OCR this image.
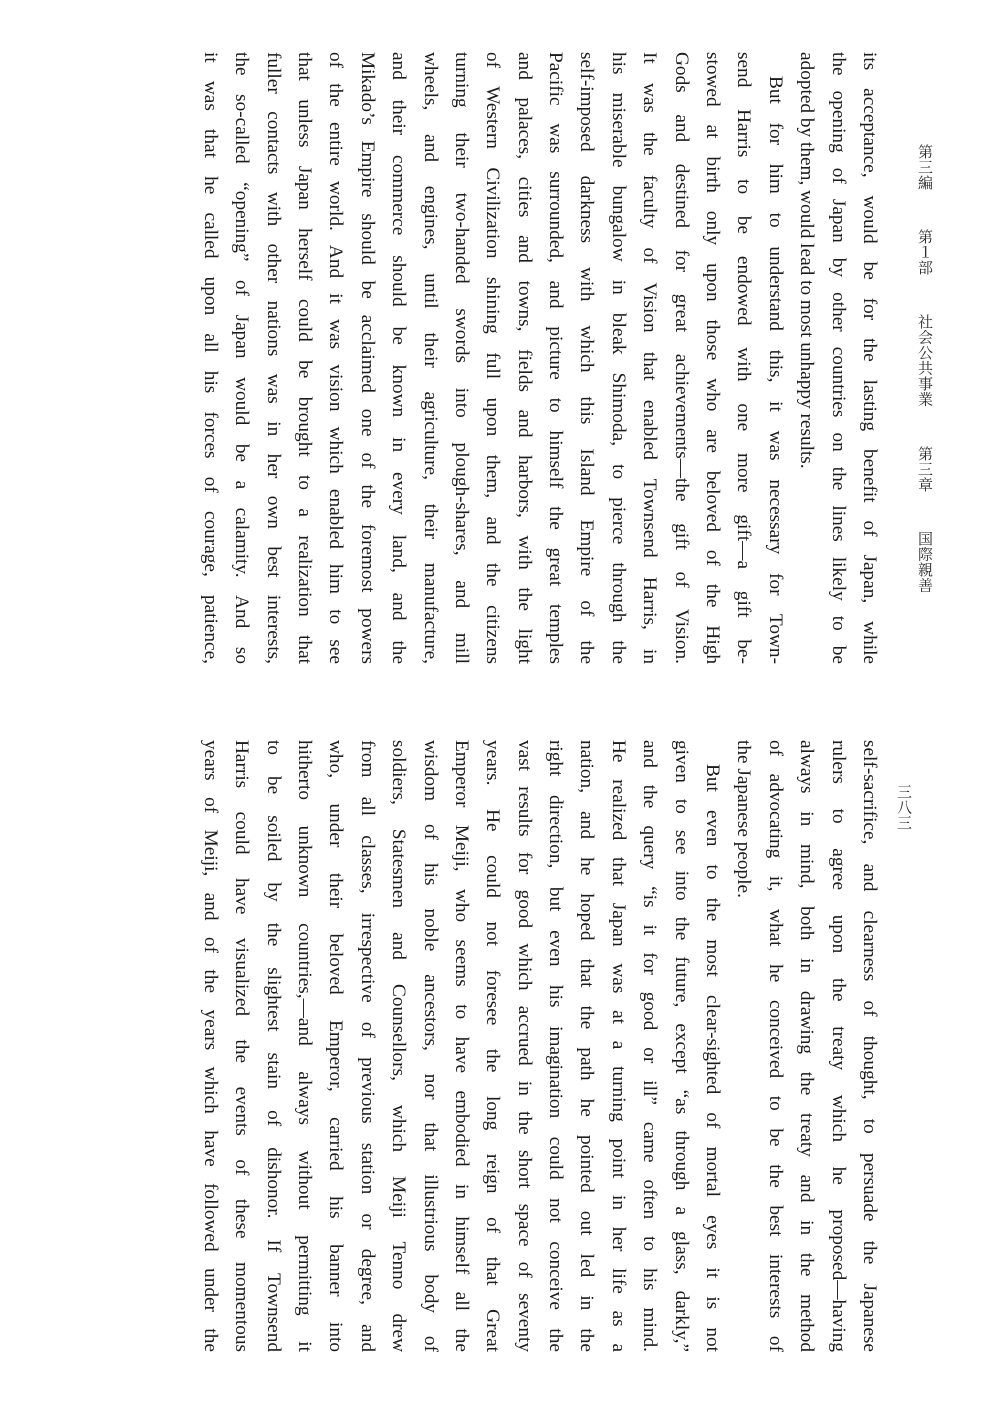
第三編 第１部 社会公共事業 第三章 国際親善 三八三
its acceptance, would be for the lasting benefit of Japan, while
the opening of Japan by other countries on the lines likely to be
adopted by them, would lead to most unhappy results.
But for him to understand this, it was necessary for Town-
send Harris to be endowed with one more gift—a gift be-
stowed at birth only upon those who are beloved of the High
Gods and destined for great achievements—the gift of Vision.
It was the faculty of Vision that enabled Townsend Harris, in
his miserable bungalow in bleak Shimoda, to pierce through the
self-imposed darkness with which this Island Empire of the
Pacific was surrounded, and picture to himself the great temples
and palaces, cities and towns, fields and harbors, with the light
of Western Civilization shining full upon them, and the citizens
turning their two-handed swords into plough-shares, and mill
wheels, and engines, until their agriculture, their manufacture,
and their commerce should be known in every land, and the
Mikado’s Empire should be acclaimed one of the foremost powers
of the entire world. And it was vision which enabled him to see
that unless Japan herself could be brought to a realization that
fuller contacts with other nations was in her own best interests,
the so-called “opening” of Japan would be a calamity. And so
it was that he called upon all his forces of courage, patience,
self-sacrifice, and clearness of thought, to persuade the Japanese
rulers to agree upon the treaty which he proposed—having
always in mind, both in drawing the treaty and in the method
of advocating it, what he conceived to be the best interests of
the Japanese people.
But even to the most clear-sighted of mortal eyes it is not
given to see into the future, except “as through a glass, darkly,”
and the query “is it for good or ill” came often to his mind.
He realized that Japan was at a turning point in her life as a
nation, and he hoped that the path he pointed out led in the
right direction, but even his imagination could not conceive the
vast results for good which accrued in the short space of seventy
years. He could not foresee the long reign of that Great
Emperor Meiji, who seems to have embodied in himself all the
wisdom of his noble ancestors, nor that illustrious body of
soldiers, Statesmen and Counsellors, which Meiji Tenno drew
from all classes, irrespective of previous station or degree, and
who, under their beloved Emperor, carried his banner into
hitherto unknown countries,—and always without permitting it
to be soiled by the slightest stain of dishonor. If Townsend
Harris could have visualized the events of these momentous
years of Meiji, and of the years which have followed under the
